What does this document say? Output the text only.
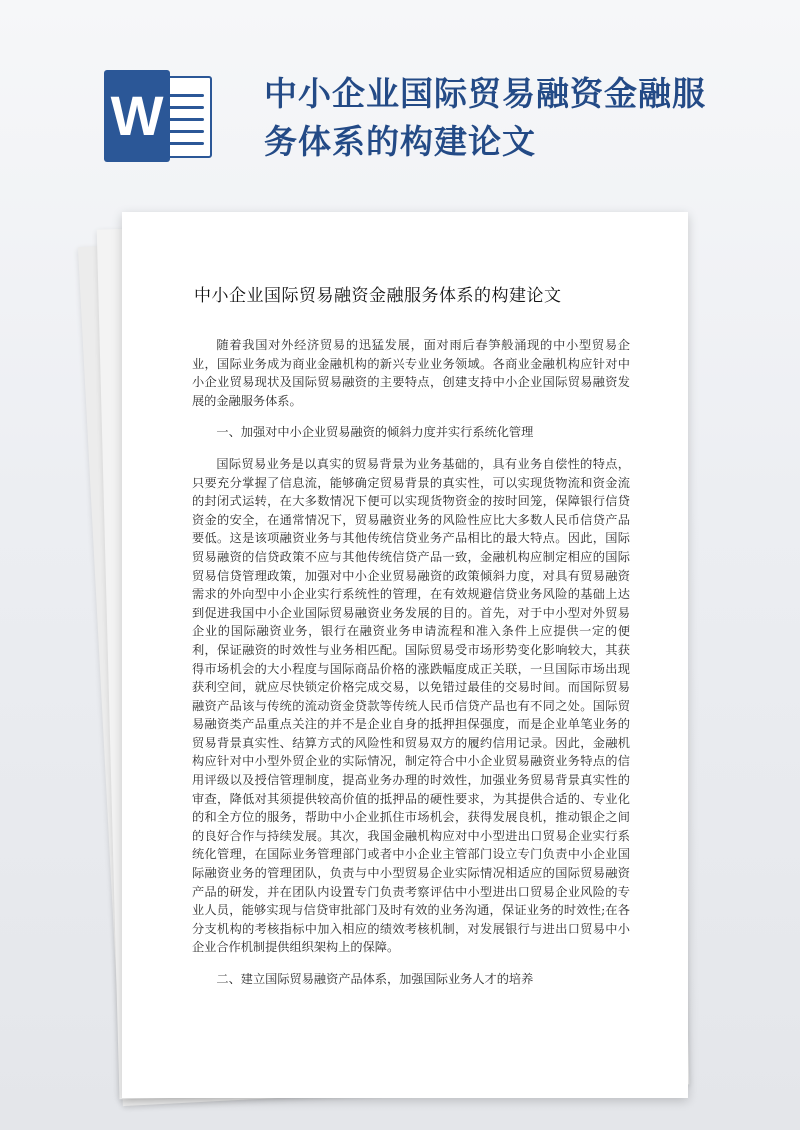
W	中小企业国际贸易融资金融服务体系的构建论文
中小企业国际贸易融资金融服务体系的构建论文

随着我国对外经济贸易的迅猛发展，面对雨后春笋般涌现的中小型贸易企业，国际业务成为商业金融机构的新兴专业业务领域。各商业金融机构应针对中小企业贸易现状及国际贸易融资的主要特点，创建支持中小企业国际贸易融资发展的金融服务体系。

一、加强对中小企业贸易融资的倾斜力度并实行系统化管理

国际贸易业务是以真实的贸易背景为业务基础的，具有业务自偿性的特点，只要充分掌握了信息流，能够确定贸易背景的真实性，可以实现货物流和资金流的封闭式运转，在大多数情况下便可以实现货物资金的按时回笼，保障银行信贷资金的安全，在通常情况下，贸易融资业务的风险性应比大多数人民币信贷产品要低。这是该项融资业务与其他传统信贷业务产品相比的最大特点。因此，国际贸易融资的信贷政策不应与其他传统信贷产品一致，金融机构应制定相应的国际贸易信贷管理政策，加强对中小企业贸易融资的政策倾斜力度，对具有贸易融资需求的外向型中小企业实行系统性的管理，在有效规避信贷业务风险的基础上达到促进我国中小企业国际贸易融资业务发展的目的。首先，对于中小型对外贸易企业的国际融资业务，银行在融资业务申请流程和准入条件上应提供一定的便利，保证融资的时效性与业务相匹配。国际贸易受市场形势变化影响较大，其获得市场机会的大小程度与国际商品价格的涨跌幅度成正关联，一旦国际市场出现获利空间，就应尽快锁定价格完成交易，以免错过最佳的交易时间。而国际贸易融资产品该与传统的流动资金贷款等传统人民币信贷产品也有不同之处。国际贸易融资类产品重点关注的并不是企业自身的抵押担保强度，而是企业单笔业务的贸易背景真实性、结算方式的风险性和贸易双方的履约信用记录。因此，金融机构应针对中小型外贸企业的实际情况，制定符合中小企业贸易融资业务特点的信用评级以及授信管理制度，提高业务办理的时效性，加强业务贸易背景真实性的审查，降低对其须提供较高价值的抵押品的硬性要求，为其提供合适的、专业化的和全方位的服务，帮助中小企业抓住市场机会，获得发展良机，推动银企之间的良好合作与持续发展。其次，我国金融机构应对中小型进出口贸易企业实行系统化管理，在国际业务管理部门或者中小企业主管部门设立专门负责中小企业国际融资业务的管理团队，负责与中小型贸易企业实际情况相适应的国际贸易融资产品的研发，并在团队内设置专门负责考察评估中小型进出口贸易企业风险的专业人员，能够实现与信贷审批部门及时有效的业务沟通，保证业务的时效性;在各分支机构的考核指标中加入相应的绩效考核机制，对发展银行与进出口贸易中小企业合作机制提供组织架构上的保障。

二、建立国际贸易融资产品体系，加强国际业务人才的培养
